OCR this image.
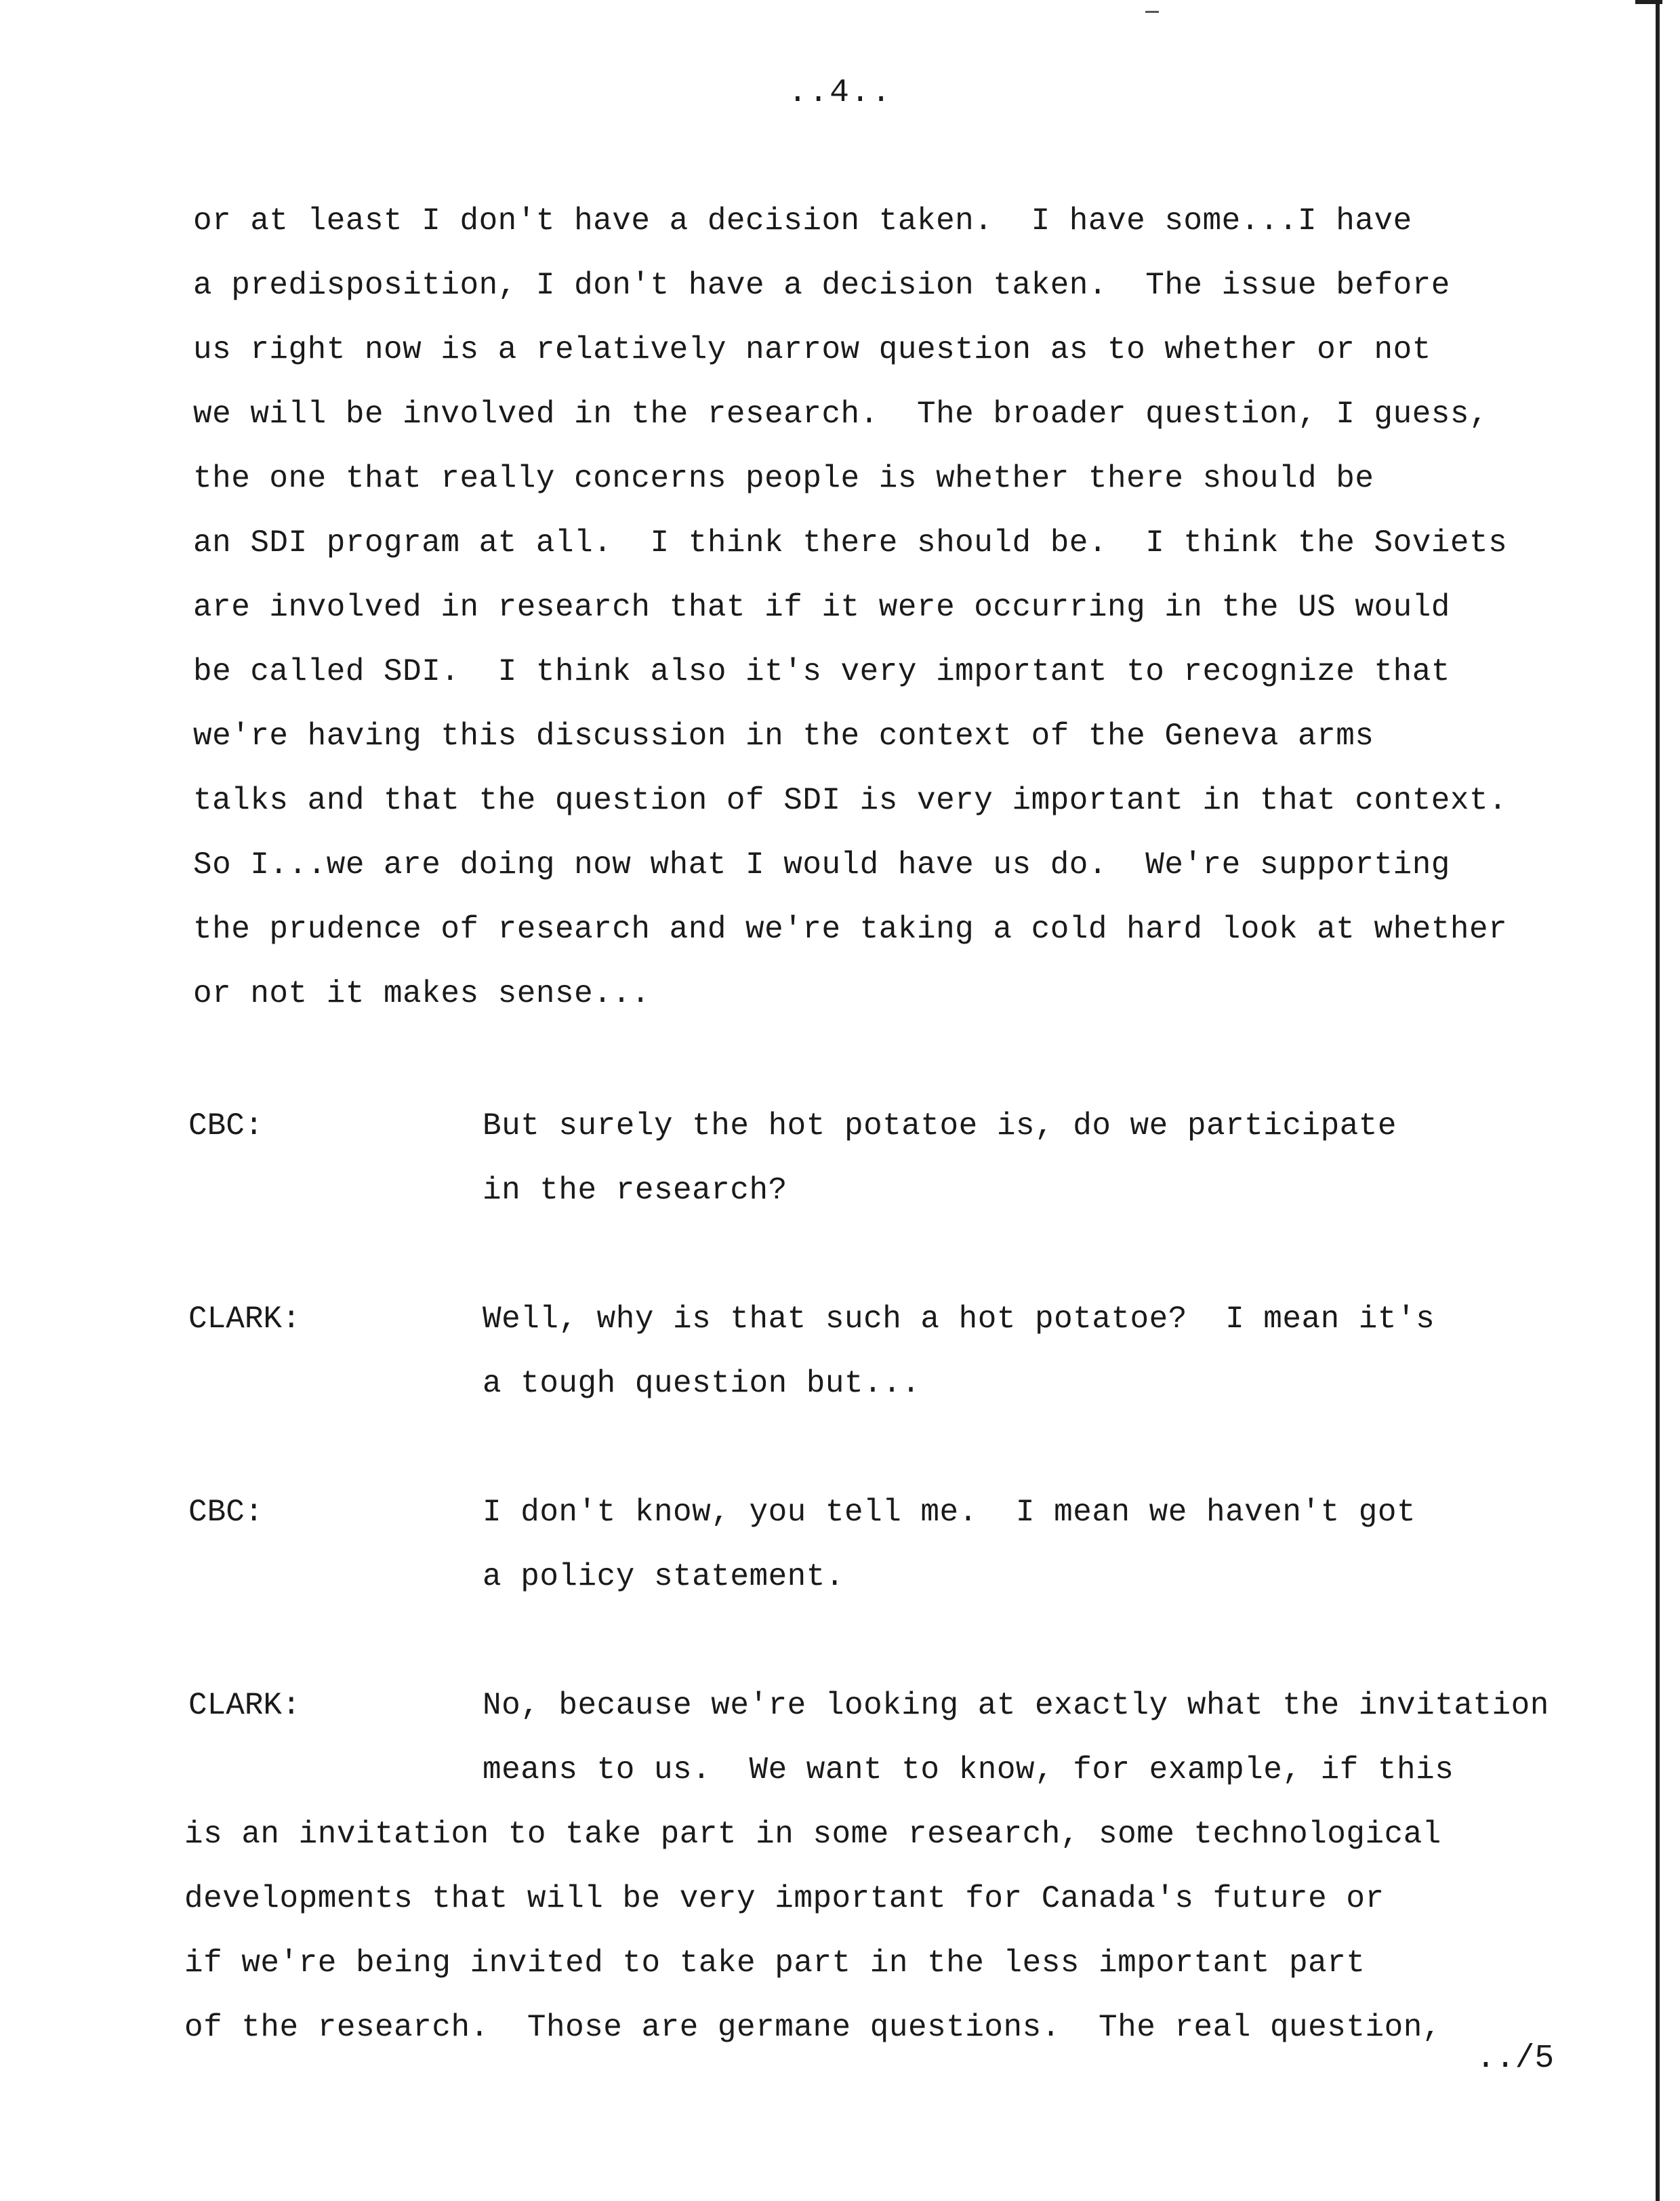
..4..
or at least I don't have a decision taken.  I have some...I have
a predisposition, I don't have a decision taken.  The issue before
us right now is a relatively narrow question as to whether or not
we will be involved in the research.  The broader question, I guess,
the one that really concerns people is whether there should be
an SDI program at all.  I think there should be.  I think the Soviets
are involved in research that if it were occurring in the US would
be called SDI.  I think also it's very important to recognize that
we're having this discussion in the context of the Geneva arms
talks and that the question of SDI is very important in that context.
So I...we are doing now what I would have us do.  We're supporting
the prudence of research and we're taking a cold hard look at whether
or not it makes sense...
CBC:	But surely the hot potatoe is, do we participate
in the research?
CLARK:	Well, why is that such a hot potatoe?  I mean it's
a tough question but...
CBC:	I don't know, you tell me.  I mean we haven't got
a policy statement.
CLARK:	No, because we're looking at exactly what the invitation
means to us.  We want to know, for example, if this
is an invitation to take part in some research, some technological
developments that will be very important for Canada's future or
if we're being invited to take part in the less important part
of the research.  Those are germane questions.  The real question,
../5
